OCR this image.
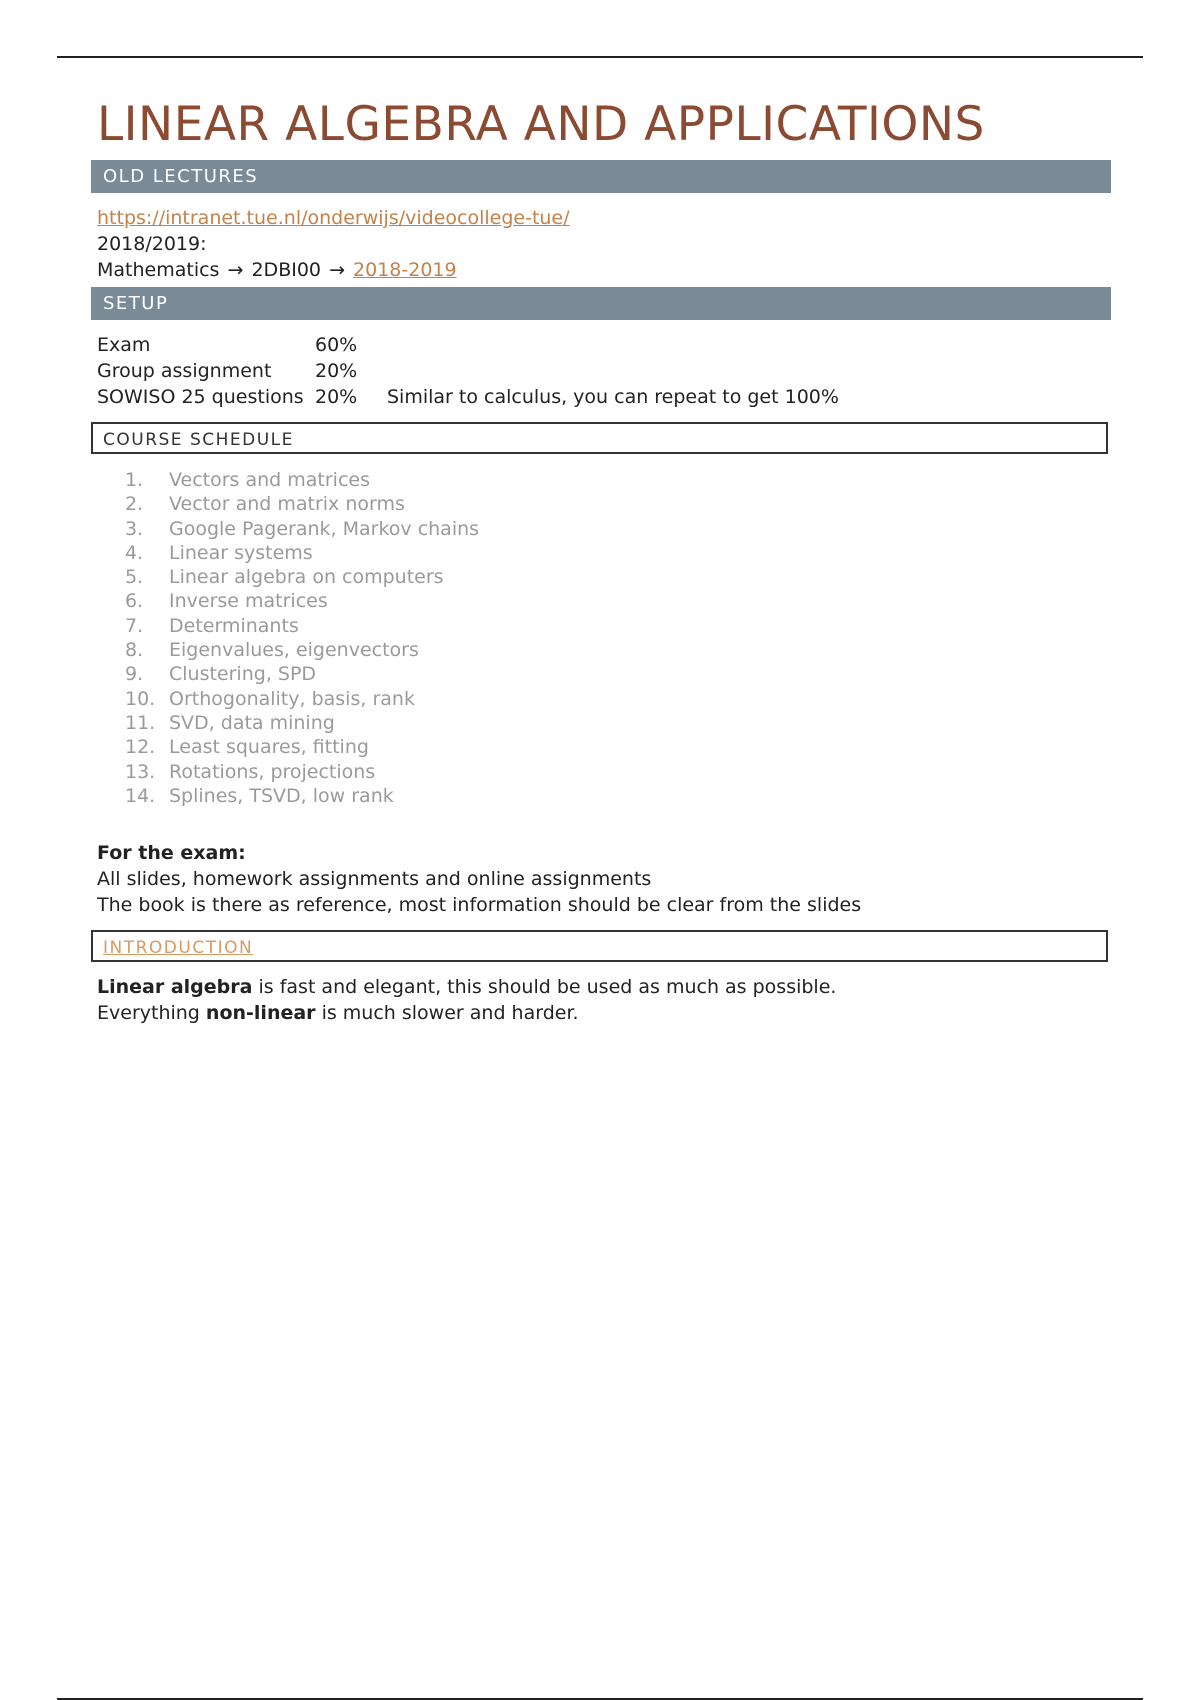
LINEAR ALGEBRA AND APPLICATIONS
OLD LECTURES
https://intranet.tue.nl/onderwijs/videocollege-tue/
2018/2019:
Mathematics → 2DBI00 → 2018-2019
SETUP
Exam	60%
Group assignment	20%
SOWISO 25 questions 20%	Similar to calculus, you can repeat to get 100%
COURSE SCHEDULE
1.	Vectors and matrices
2.	Vector and matrix norms
3.	Google Pagerank, Markov chains
4.	Linear systems
5.	Linear algebra on computers
6.	Inverse matrices
7.	Determinants
8.	Eigenvalues, eigenvectors
9.	Clustering, SPD
10. Orthogonality, basis, rank
11. SVD, data mining
12. Least squares, fitting
13. Rotations, projections
14. Splines, TSVD, low rank
For the exam:
All slides, homework assignments and online assignments
The book is there as reference, most information should be clear from the slides
INTRODUCTION
Linear algebra is fast and elegant, this should be used as much as possible.
Everything non-linear is much slower and harder.
